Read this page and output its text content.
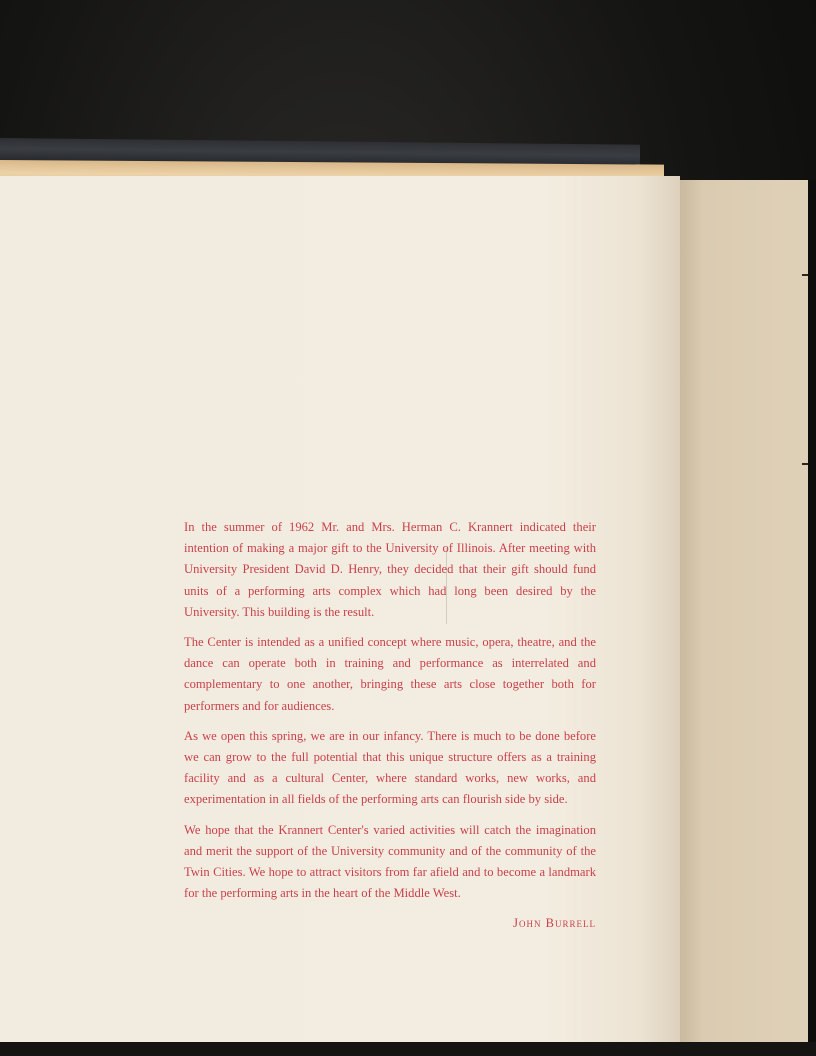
In the summer of 1962 Mr. and Mrs. Herman C. Krannert indicated their intention of making a major gift to the University of Illinois. After meeting with University President David D. Henry, they decided that their gift should fund units of a performing arts complex which had long been desired by the University. This building is the result.

The Center is intended as a unified concept where music, opera, theatre, and the dance can operate both in training and performance as interrelated and complementary to one another, bringing these arts close together both for performers and for audiences.

As we open this spring, we are in our infancy. There is much to be done before we can grow to the full potential that this unique structure offers as a training facility and as a cultural Center, where standard works, new works, and experimentation in all fields of the performing arts can flourish side by side.

We hope that the Krannert Center's varied activities will catch the imagination and merit the support of the University community and of the community of the Twin Cities. We hope to attract visitors from far afield and to become a landmark for the performing arts in the heart of the Middle West.

John Burrell
